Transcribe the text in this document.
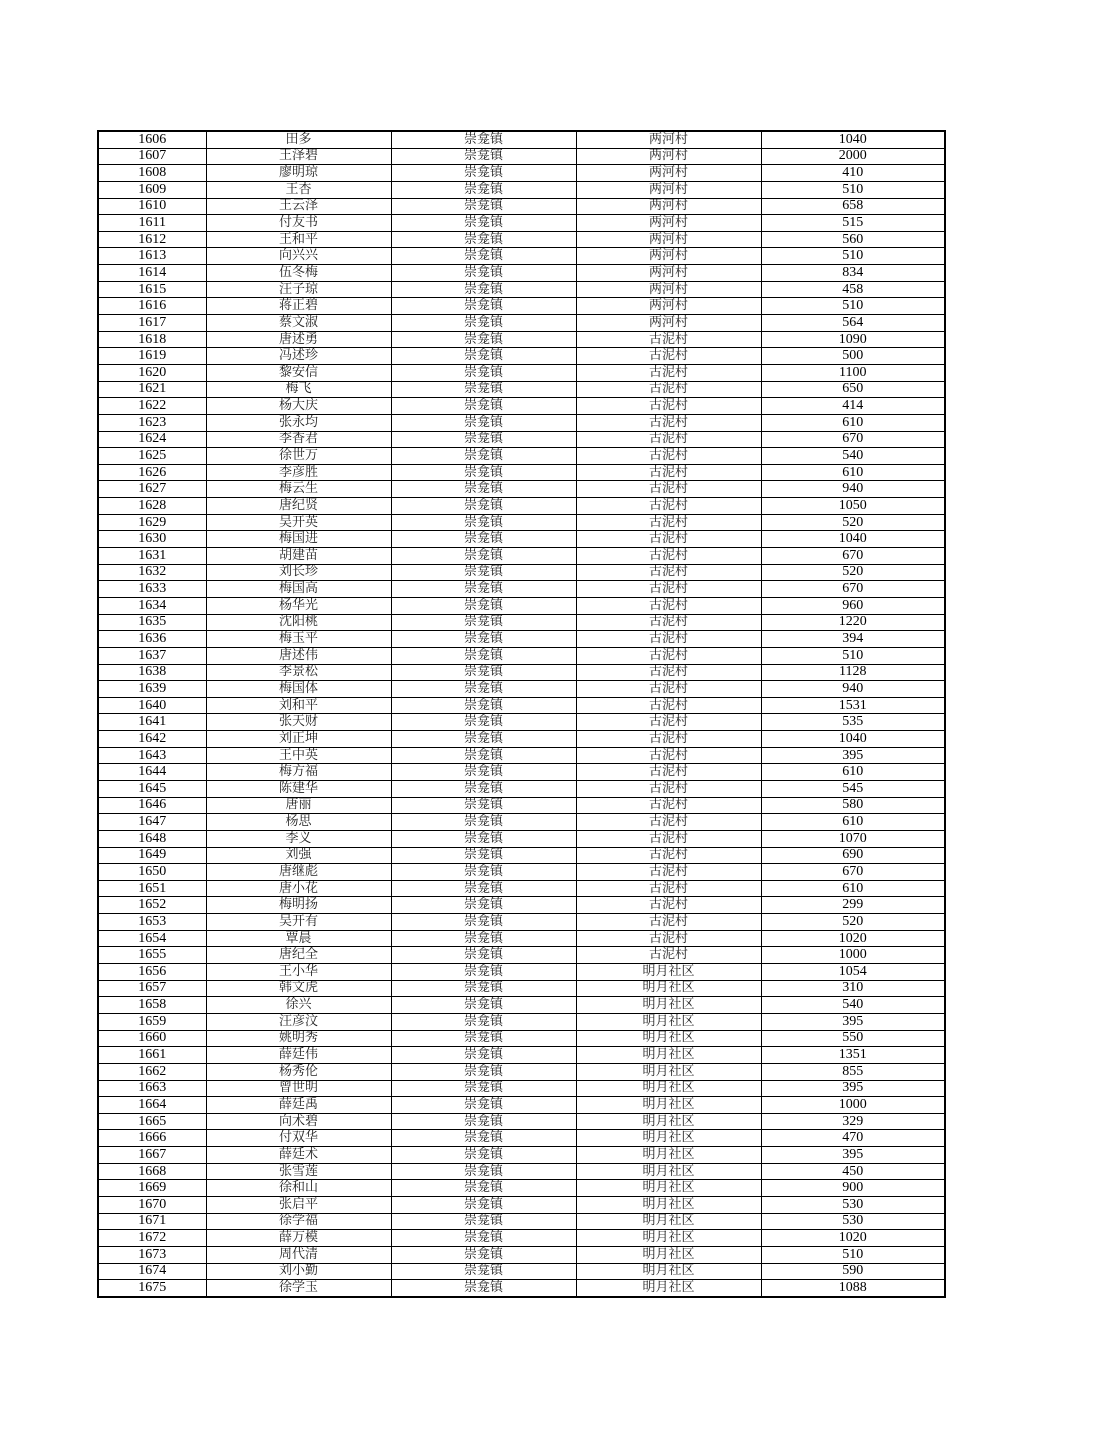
1606	田多	崇龛镇	两河村	1040
1607	王泽碧	崇龛镇	两河村	2000
1608	廖明琼	崇龛镇	两河村	410
1609	王杏	崇龛镇	两河村	510
1610	王云泽	崇龛镇	两河村	658
1611	付友书	崇龛镇	两河村	515
1612	王和平	崇龛镇	两河村	560
1613	向兴兴	崇龛镇	两河村	510
1614	伍冬梅	崇龛镇	两河村	834
1615	汪子琼	崇龛镇	两河村	458
1616	蒋正碧	崇龛镇	两河村	510
1617	蔡文淑	崇龛镇	两河村	564
1618	唐述勇	崇龛镇	古泥村	1090
1619	冯述珍	崇龛镇	古泥村	500
1620	黎安信	崇龛镇	古泥村	1100
1621	梅飞	崇龛镇	古泥村	650
1622	杨大庆	崇龛镇	古泥村	414
1623	张永均	崇龛镇	古泥村	610
1624	李香君	崇龛镇	古泥村	670
1625	徐世万	崇龛镇	古泥村	540
1626	李彦胜	崇龛镇	古泥村	610
1627	梅云生	崇龛镇	古泥村	940
1628	唐纪贤	崇龛镇	古泥村	1050
1629	吴开英	崇龛镇	古泥村	520
1630	梅国进	崇龛镇	古泥村	1040
1631	胡建苗	崇龛镇	古泥村	670
1632	刘长珍	崇龛镇	古泥村	520
1633	梅国高	崇龛镇	古泥村	670
1634	杨华光	崇龛镇	古泥村	960
1635	沈阳桃	崇龛镇	古泥村	1220
1636	梅玉平	崇龛镇	古泥村	394
1637	唐述伟	崇龛镇	古泥村	510
1638	李景松	崇龛镇	古泥村	1128
1639	梅国体	崇龛镇	古泥村	940
1640	刘和平	崇龛镇	古泥村	1531
1641	张天财	崇龛镇	古泥村	535
1642	刘正坤	崇龛镇	古泥村	1040
1643	王中英	崇龛镇	古泥村	395
1644	梅方福	崇龛镇	古泥村	610
1645	陈建华	崇龛镇	古泥村	545
1646	唐丽	崇龛镇	古泥村	580
1647	杨思	崇龛镇	古泥村	610
1648	李义	崇龛镇	古泥村	1070
1649	刘强	崇龛镇	古泥村	690
1650	唐继彪	崇龛镇	古泥村	670
1651	唐小花	崇龛镇	古泥村	610
1652	梅明扬	崇龛镇	古泥村	299
1653	吴开有	崇龛镇	古泥村	520
1654	覃晨	崇龛镇	古泥村	1020
1655	唐纪全	崇龛镇	古泥村	1000
1656	王小华	崇龛镇	明月社区	1054
1657	韩文虎	崇龛镇	明月社区	310
1658	徐兴	崇龛镇	明月社区	540
1659	汪彦汶	崇龛镇	明月社区	395
1660	姚明秀	崇龛镇	明月社区	550
1661	薛廷伟	崇龛镇	明月社区	1351
1662	杨秀伦	崇龛镇	明月社区	855
1663	曾世明	崇龛镇	明月社区	395
1664	薛廷禹	崇龛镇	明月社区	1000
1665	向术碧	崇龛镇	明月社区	329
1666	付双华	崇龛镇	明月社区	470
1667	薛廷术	崇龛镇	明月社区	395
1668	张雪莲	崇龛镇	明月社区	450
1669	徐和山	崇龛镇	明月社区	900
1670	张启平	崇龛镇	明月社区	530
1671	徐学福	崇龛镇	明月社区	530
1672	薛万模	崇龛镇	明月社区	1020
1673	周代清	崇龛镇	明月社区	510
1674	刘小勤	崇龛镇	明月社区	590
1675	徐学玉	崇龛镇	明月社区	1088
